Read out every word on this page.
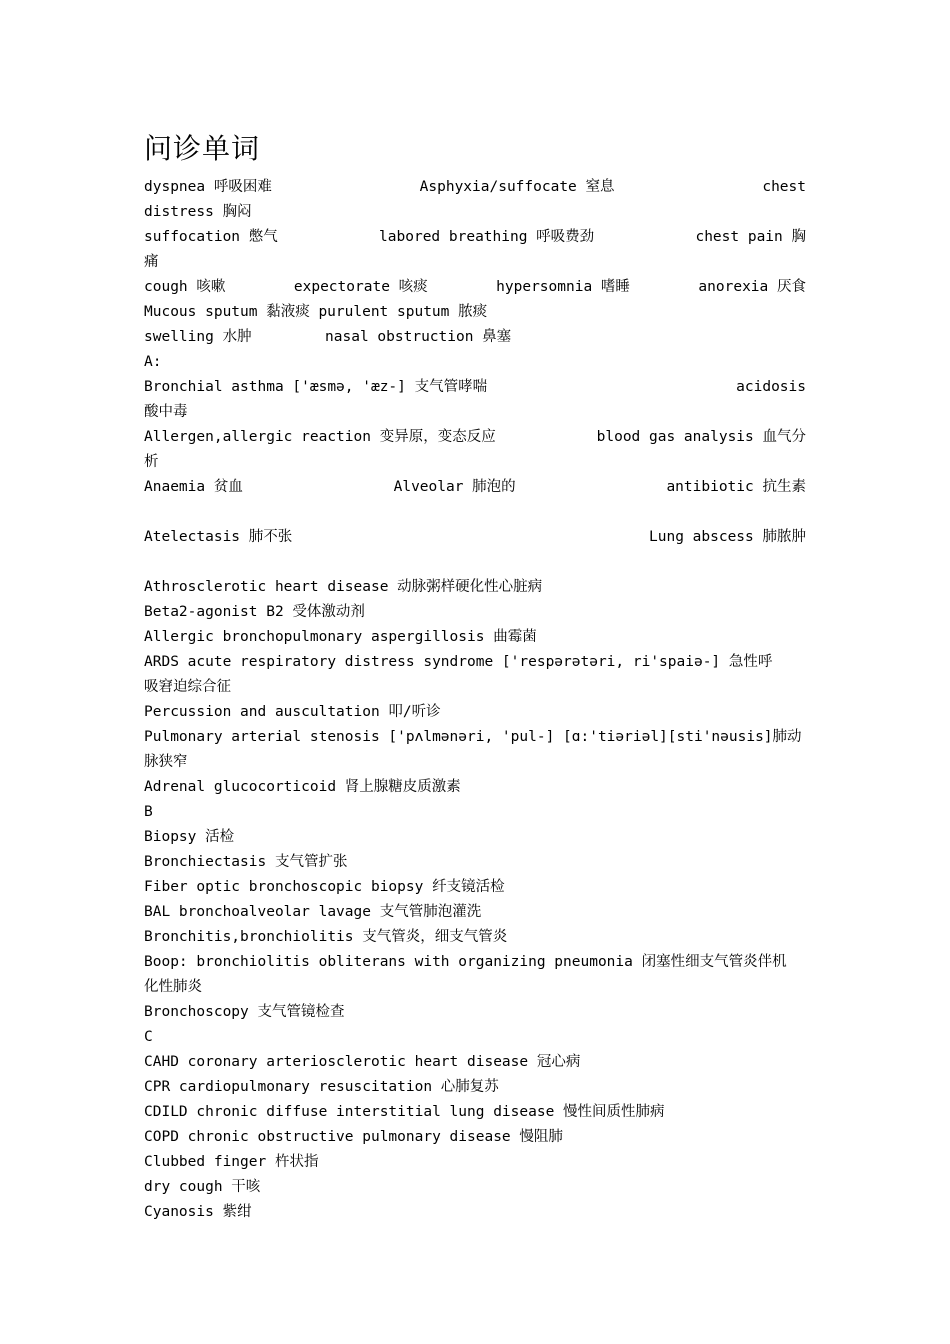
问诊单词
dyspnea 呼吸困难	Asphyxia/suffocate 窒息	chest
distress 胸闷
suffocation 憋气	labored breathing 呼吸费劲	chest pain 胸
痛
cough 咳嗽	expectorate 咳痰	hypersomnia 嗜睡	anorexia 厌食
Mucous sputum 黏液痰 purulent sputum 脓痰
swelling 水肿	nasal obstruction 鼻塞
A:
Bronchial asthma ['æsmə, 'æz-] 支气管哮喘	acidosis
酸中毒
Allergen,allergic reaction 变异原，变态反应	blood gas analysis 血气分
析
Anaemia 贫血	Alveolar 肺泡的	antibiotic 抗生素
Atelectasis 肺不张	Lung abscess 肺脓肿
Athrosclerotic heart disease 动脉粥样硬化性心脏病
Beta2-agonist B2 受体激动剂
Allergic bronchopulmonary aspergillosis 曲霉菌
ARDS acute respiratory distress syndrome ['respərətəri, ri'spaiə-] 急性呼
吸窘迫综合征
Percussion and auscultation 叩/听诊
Pulmonary arterial stenosis ['pʌlmənəri, 'pul-] [ɑ:'tiəriəl][sti'nəusis]肺动
脉狭窄
Adrenal glucocorticoid 肾上腺糖皮质激素
B
Biopsy 活检
Bronchiectasis 支气管扩张
Fiber optic bronchoscopic biopsy 纤支镜活检
BAL bronchoalveolar lavage 支气管肺泡灌洗
Bronchitis,bronchiolitis 支气管炎，细支气管炎
Boop: bronchiolitis obliterans with organizing pneumonia 闭塞性细支气管炎伴机
化性肺炎
Bronchoscopy 支气管镜检查
C
CAHD coronary arteriosclerotic heart disease 冠心病
CPR cardiopulmonary resuscitation 心肺复苏
CDILD chronic diffuse interstitial lung disease 慢性间质性肺病
COPD chronic obstructive pulmonary disease 慢阻肺
Clubbed finger 杵状指
dry cough 干咳
Cyanosis 紫绀
